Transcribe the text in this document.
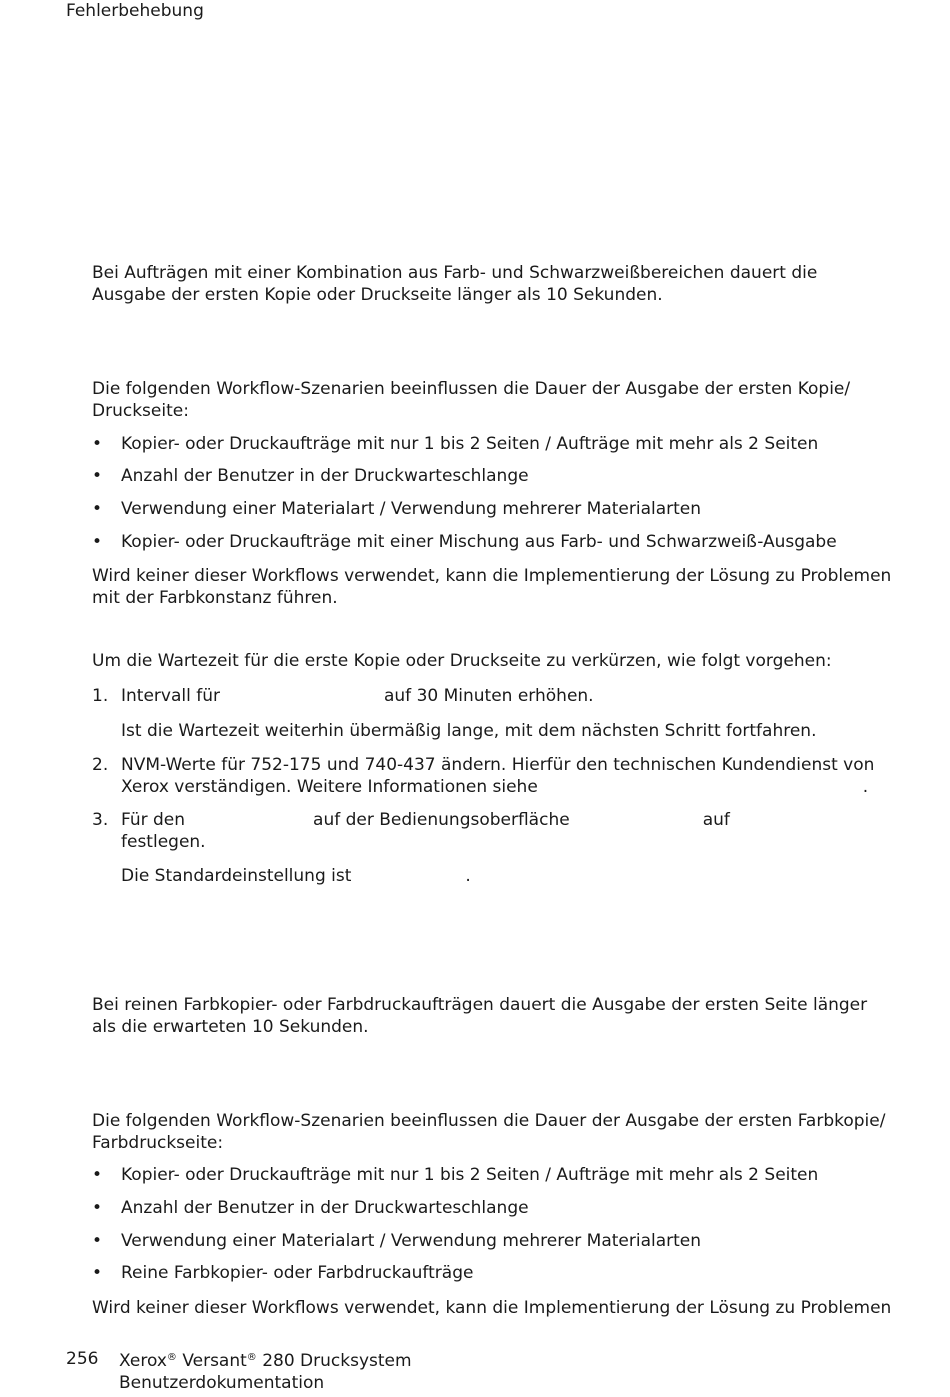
Fehlerbehebung
Bei Aufträgen mit einer Kombination aus Farb- und Schwarzweißbereichen dauert die Ausgabe der ersten Kopie oder Druckseite länger als 10 Sekunden.
Die folgenden Workflow-Szenarien beeinflussen die Dauer der Ausgabe der ersten Kopie/ Druckseite:
• Kopier- oder Druckaufträge mit nur 1 bis 2 Seiten / Aufträge mit mehr als 2 Seiten
• Anzahl der Benutzer in der Druckwarteschlange
• Verwendung einer Materialart / Verwendung mehrerer Materialarten
• Kopier- oder Druckaufträge mit einer Mischung aus Farb- und Schwarzweiß-Ausgabe
Wird keiner dieser Workflows verwendet, kann die Implementierung der Lösung zu Problemen mit der Farbkonstanz führen.
Um die Wartezeit für die erste Kopie oder Druckseite zu verkürzen, wie folgt vorgehen:
1. Intervall für	auf 30 Minuten erhöhen.
Ist die Wartezeit weiterhin übermäßig lange, mit dem nächsten Schritt fortfahren.
2. NVM-Werte für 752-175 und 740-437 ändern. Hierfür den technischen Kundendienst von
Xerox verständigen. Weitere Informationen siehe	.
3. Für den	auf der Bedienungsoberfläche	auf
festlegen.
Die Standardeinstellung ist	.
Bei reinen Farbkopier- oder Farbdruckaufträgen dauert die Ausgabe der ersten Seite länger als die erwarteten 10 Sekunden.
Die folgenden Workflow-Szenarien beeinflussen die Dauer der Ausgabe der ersten Farbkopie/ Farbdruckseite:
• Kopier- oder Druckaufträge mit nur 1 bis 2 Seiten / Aufträge mit mehr als 2 Seiten
• Anzahl der Benutzer in der Druckwarteschlange
• Verwendung einer Materialart / Verwendung mehrerer Materialarten
• Reine Farbkopier- oder Farbdruckaufträge
Wird keiner dieser Workflows verwendet, kann die Implementierung der Lösung zu Problemen
256 Xerox® Versant® 280 Drucksystem
Benutzerdokumentation
